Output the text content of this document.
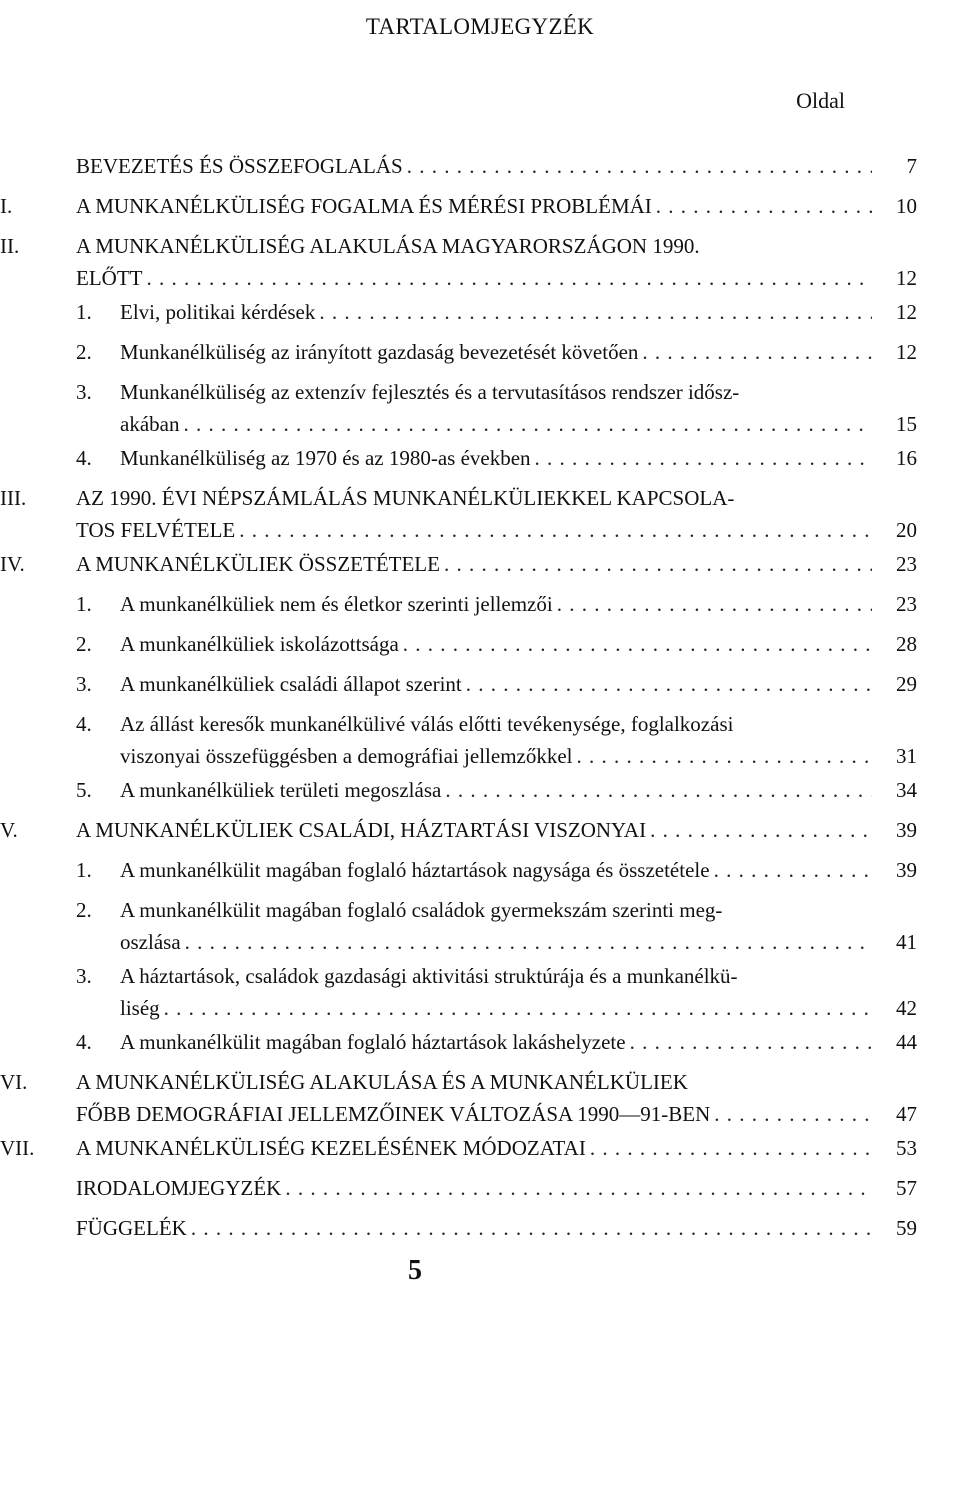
TARTALOMJEGYZÉK
Oldal
BEVEZETÉS ÉS ÖSSZEFOGLALÁS . . .	7
I.	A MUNKANÉLKÜLISÉG FOGALMA ÉS MÉRÉSI PROBLÉMÁI . . .	10
II.	A MUNKANÉLKÜLISÉG ALAKULÁSA MAGYARORSZÁGON 1990.
ELŐTT . . .	12
1. Elvi, politikai kérdések . . .	12
2. Munkanélküliség az irányított gazdaság bevezetését követően . . .	12
3. Munkanélküliség az extenzív fejlesztés és a tervutasításos rendszer idősz-
akában . . .	15
4. Munkanélküliség az 1970 és az 1980-as években . . .	16
III. AZ 1990. ÉVI NÉPSZÁMLÁLÁS MUNKANÉLKÜLIEKKEL KAPCSOLA-
TOS FELVÉTELE . . .	20
IV. A MUNKANÉLKÜLIEK ÖSSZETÉTELE . . .	23
1. A munkanélküliek nem és életkor szerinti jellemzői . . .	23
2. A munkanélküliek iskolázottsága . . .	28
3. A munkanélküliek családi állapot szerint . . .	29
4. Az állást keresők munkanélkülivé válás előtti tevékenysége, foglalkozási
viszonyai összefüggésben a demográfiai jellemzőkkel . . .	31
5. A munkanélküliek területi megoszlása . . .	34
V.	A MUNKANÉLKÜLIEK CSALÁDI, HÁZTARTÁSI VISZONYAI . . .	39
1. A munkanélkülit magában foglaló háztartások nagysága és összetétele . . .	39
2. A munkanélkülit magában foglaló családok gyermekszám szerinti meg-
oszlása . . .	41
3. A háztartások, családok gazdasági aktivitási struktúrája és a munkanélkü-
liség . . .	42
4. A munkanélkülit magában foglaló háztartások lakáshelyzete . . .	44
VI. A MUNKANÉLKÜLISÉG ALAKULÁSA ÉS A MUNKANÉLKÜLIEK
FŐBB DEMOGRÁFIAI JELLEMZŐINEK VÁLTOZÁSA 1990—91-BEN . . .	47
VII. A MUNKANÉLKÜLISÉG KEZELÉSÉNEK MÓDOZATAI . . .	53
IRODALOMJEGYZÉK . . .	57
FÜGGELÉK . . .	59
5
